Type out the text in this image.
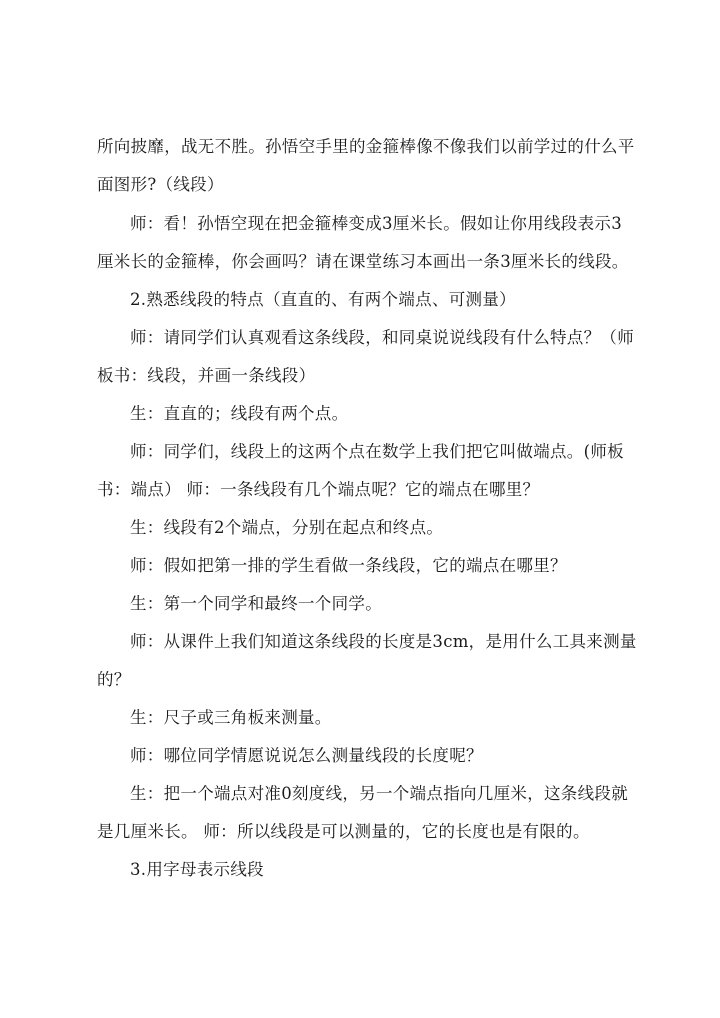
所向披靡，战无不胜。孙悟空手里的金箍棒像不像我们以前学过的什么平
面图形?（线段）
师：看！孙悟空现在把金箍棒变成3厘米长。假如让你用线段表示3
厘米长的金箍棒，你会画吗？请在课堂练习本画出一条3厘米长的线段。
2.熟悉线段的特点（直直的、有两个端点、可测量）
师：请同学们认真观看这条线段，和同桌说说线段有什么特点？（师
板书：线段，并画一条线段）
生：直直的；线段有两个点。
师：同学们，线段上的这两个点在数学上我们把它叫做端点。(师板
书：端点） 师：一条线段有几个端点呢？它的端点在哪里？
生：线段有2个端点，分别在起点和终点。
师：假如把第一排的学生看做一条线段，它的端点在哪里？
生：第一个同学和最终一个同学。
师：从课件上我们知道这条线段的长度是3cm，是用什么工具来测量
的？
生：尺子或三角板来测量。
师：哪位同学情愿说说怎么测量线段的长度呢？
生：把一个端点对准0刻度线，另一个端点指向几厘米，这条线段就
是几厘米长。 师：所以线段是可以测量的，它的长度也是有限的。
3.用字母表示线段
